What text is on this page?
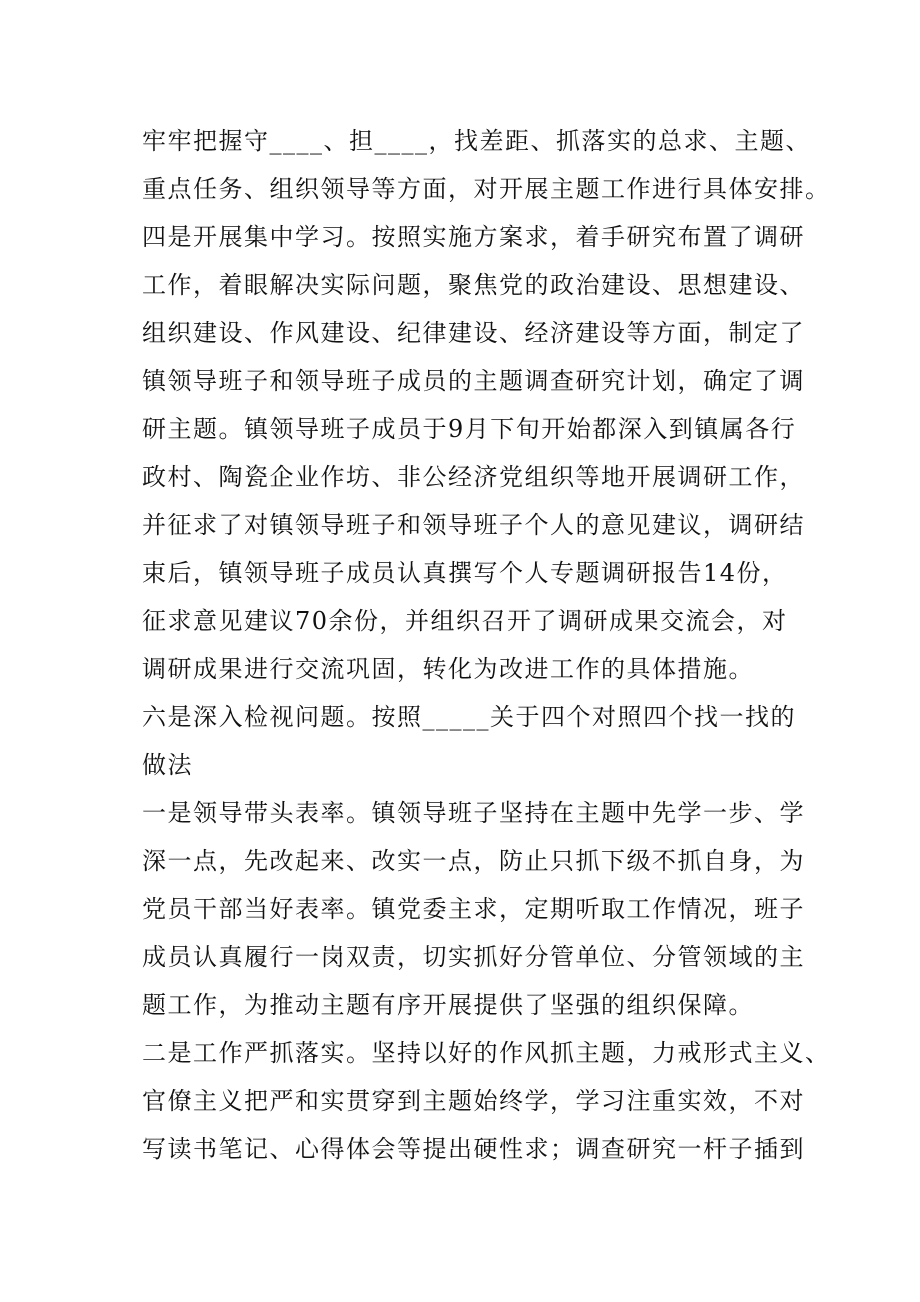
牢牢把握守____、担____，找差距、抓落实的总求、主题、
重点任务、组织领导等方面，对开展主题工作进行具体安排。
四是开展集中学习。按照实施方案求，着手研究布置了调研
工作，着眼解决实际问题，聚焦党的政治建设、思想建设、
组织建设、作风建设、纪律建设、经济建设等方面，制定了
镇领导班子和领导班子成员的主题调查研究计划，确定了调
研主题。镇领导班子成员于9月下旬开始都深入到镇属各行
政村、陶瓷企业作坊、非公经济党组织等地开展调研工作，
并征求了对镇领导班子和领导班子个人的意见建议，调研结
束后，镇领导班子成员认真撰写个人专题调研报告14份，
征求意见建议70余份，并组织召开了调研成果交流会，对
调研成果进行交流巩固，转化为改进工作的具体措施。
六是深入检视问题。按照_____关于四个对照四个找一找的
做法
一是领导带头表率。镇领导班子坚持在主题中先学一步、学
深一点，先改起来、改实一点，防止只抓下级不抓自身，为
党员干部当好表率。镇党委主求，定期听取工作情况，班子
成员认真履行一岗双责，切实抓好分管单位、分管领域的主
题工作，为推动主题有序开展提供了坚强的组织保障。
二是工作严抓落实。坚持以好的作风抓主题，力戒形式主义、
官僚主义把严和实贯穿到主题始终学，学习注重实效，不对
写读书笔记、心得体会等提出硬性求；调查研究一杆子插到
